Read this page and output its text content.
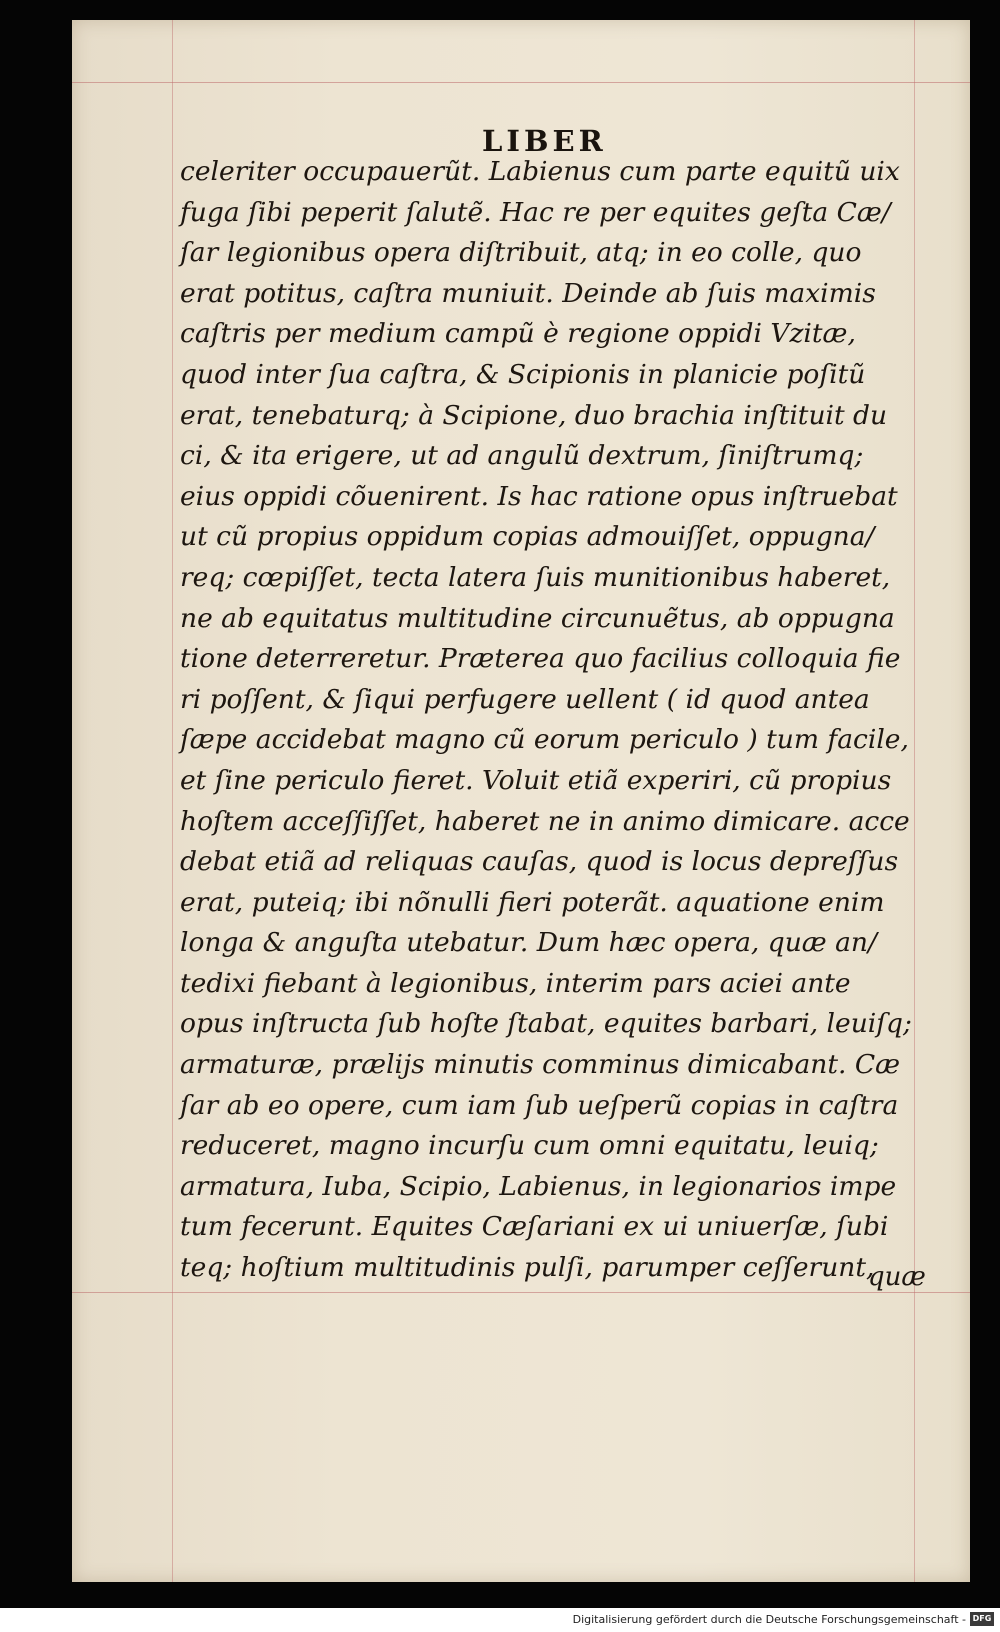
LIBER
quæ
celeriter occupauerũt. Labienus cum parte equitũ uix
fuga ſibi peperit ſalutẽ. Hac re per equites geſta Cæ/
ſar legionibus opera diſtribuit, atq; in eo colle, quo
erat potitus, caſtra muniuit. Deinde ab ſuis maximis
caſtris per medium campũ è regione oppidi Vzitæ,
quod inter ſua caſtra, & Scipionis in planicie poſitũ
erat, tenebaturq; à Scipione, duo brachia inſtituit du
ci, & ita erigere, ut ad angulũ dextrum, ſiniſtrumq;
eius oppidi cõuenirent. Is hac ratione opus inſtruebat
ut cũ propius oppidum copias admouiſſet, oppugna/
req; cœpiſſet, tecta latera ſuis munitionibus haberet,
ne ab equitatus multitudine circunuẽtus, ab oppugna
tione deterreretur. Præterea quo facilius colloquia fie
ri poſſent, & ſiqui perfugere uellent ( id quod antea
ſæpe accidebat magno cũ eorum periculo ) tum facile,
et ſine periculo fieret. Voluit etiã experiri, cũ propius
hoſtem acceſſiſſet, haberet ne in animo dimicare. acce
debat etiã ad reliquas cauſas, quod is locus depreſſus
erat, puteiq; ibi nõnulli fieri poterãt. aquatione enim
longa & anguſta utebatur. Dum hæc opera, quæ an/
tedixi fiebant à legionibus, interim pars aciei ante
opus inſtructa ſub hoſte ſtabat, equites barbari, leuiſq;
armaturæ, prælijs minutis comminus dimicabant. Cæ
ſar ab eo opere, cum iam ſub ueſperũ copias in caſtra
reduceret, magno incurſu cum omni equitatu, leuiq;
armatura, Iuba, Scipio, Labienus, in legionarios impe
tum fecerunt. Equites Cæſariani ex ui uniuerſæ, ſubi
teq; hoſtium multitudinis pulſi, parumper ceſſerunt,
Digitalisierung gefördert durch die Deutsche Forschungsgemeinschaft - DFG
